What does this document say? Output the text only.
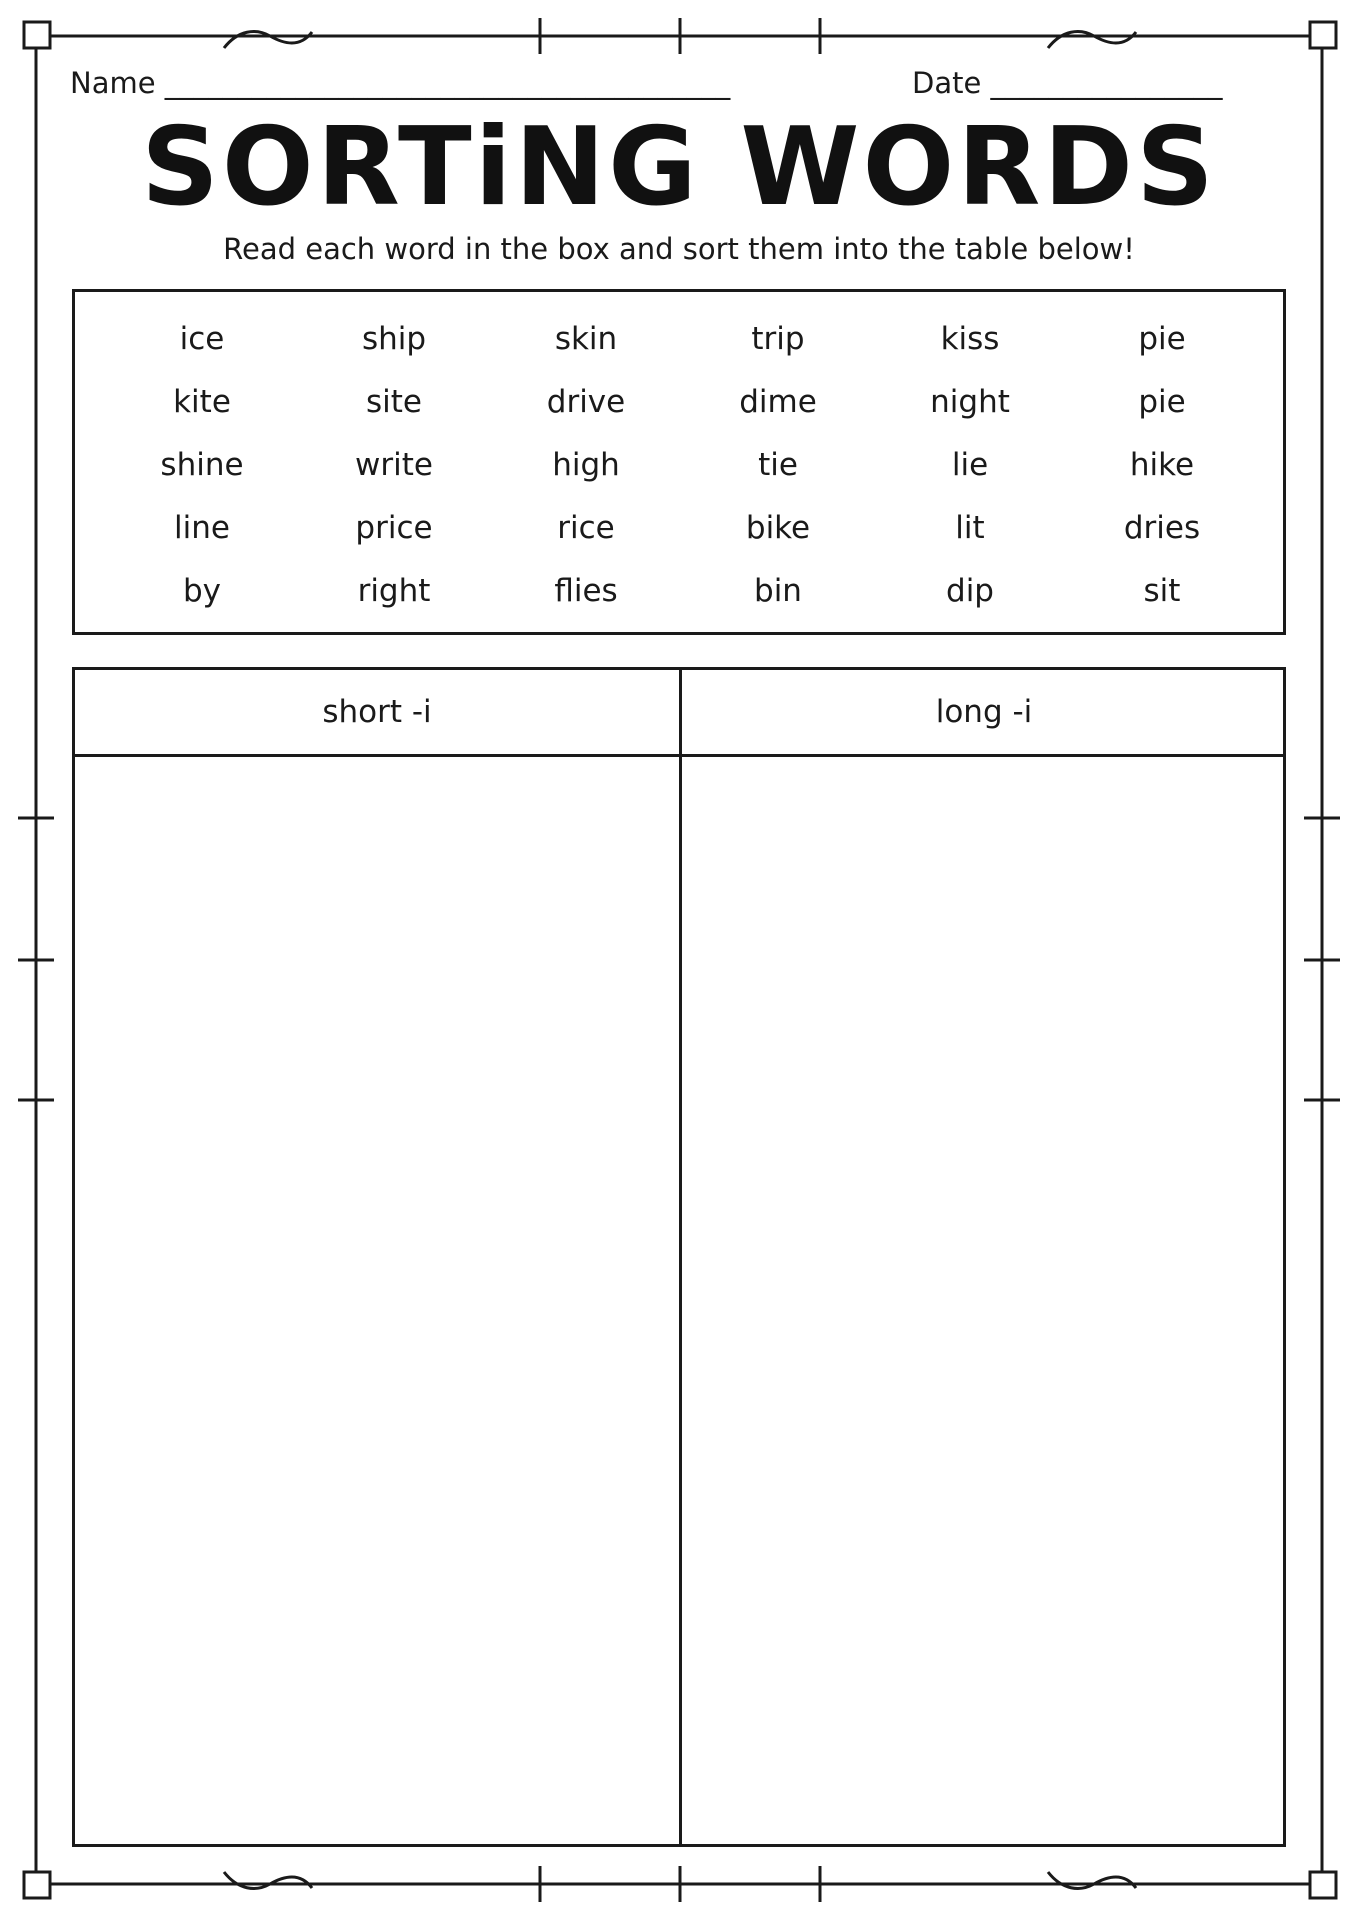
Name _______________________________________	Date ________________
SORTiNG WORDS
Read each word in the box and sort them into the table below!
ice	ship	skin	trip	kiss	pie
kite	site	drive	dime	night	pie
shine	write	high	tie	lie	hike
line	price	rice	bike	lit	dries
by	right	flies	bin	dip	sit
short -i	long -i
